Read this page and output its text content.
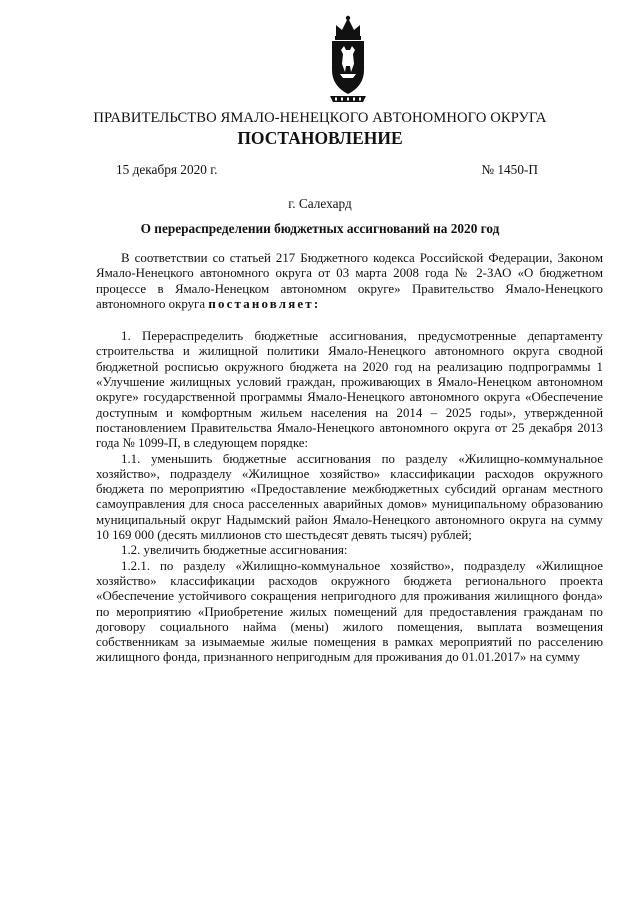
ПРАВИТЕЛЬСТВО ЯМАЛО-НЕНЕЦКОГО АВТОНОМНОГО ОКРУГА
ПОСТАНОВЛЕНИЕ
15 декабря 2020 г.	№ 1450-П
г. Салехард
О перераспределении бюджетных ассигнований на 2020 год

В соответствии со статьей 217 Бюджетного кодекса Российской Федерации, Законом Ямало-Ненецкого автономного округа от 03 марта 2008 года № 2-ЗАО «О бюджетном процессе в Ямало-Ненецком автономном округе» Правительство Ямало-Ненецкого автономного округа постановляет:

1. Перераспределить бюджетные ассигнования, предусмотренные департаменту строительства и жилищной политики Ямало-Ненецкого автономного округа сводной бюджетной росписью окружного бюджета на 2020 год на реализацию подпрограммы 1 «Улучшение жилищных условий граждан, проживающих в Ямало-Ненецком автономном округе» государственной программы Ямало-Ненецкого автономного округа «Обеспечение доступным и комфортным жильем населения на 2014 – 2025 годы», утвержденной постановлением Правительства Ямало-Ненецкого автономного округа от 25 декабря 2013 года № 1099-П, в следующем порядке:

1.1. уменьшить бюджетные ассигнования по разделу «Жилищно-коммунальное хозяйство», подразделу «Жилищное хозяйство» классификации расходов окружного бюджета по мероприятию «Предоставление межбюджетных субсидий органам местного самоуправления для сноса расселенных аварийных домов» муниципальному образованию муниципальный округ Надымский район Ямало-Ненецкого автономного округа на сумму 10 169 000 (десять миллионов сто шестьдесят девять тысяч) рублей;

1.2. увеличить бюджетные ассигнования:

1.2.1. по разделу «Жилищно-коммунальное хозяйство», подразделу «Жилищное хозяйство» классификации расходов окружного бюджета регионального проекта «Обеспечение устойчивого сокращения непригодного для проживания жилищного фонда» по мероприятию «Приобретение жилых помещений для предоставления гражданам по договору социального найма (мены) жилого помещения, выплата возмещения собственникам за изымаемые жилые помещения в рамках мероприятий по расселению жилищного фонда, признанного непригодным для проживания до 01.01.2017» на сумму
